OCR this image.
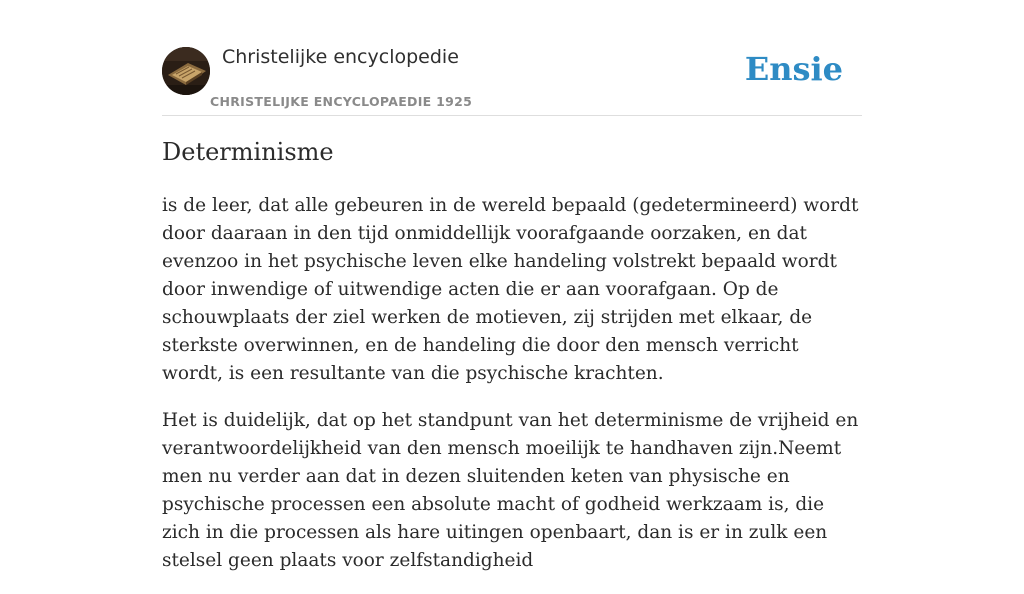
Christelijke encyclopedie
CHRISTELIJKE ENCYCLOPAEDIE 1925
Ensie
Determinisme

is de leer, dat alle gebeuren in de wereld bepaald (gedetermineerd) wordt door daaraan in den tijd onmiddellijk voorafgaande oorzaken, en dat evenzoo in het psychische leven elke handeling volstrekt bepaald wordt door inwendige of uitwendige acten die er aan voorafgaan. Op de schouwplaats der ziel werken de motieven, zij strijden met elkaar, de sterkste overwinnen, en de handeling die door den mensch verricht wordt, is een resultante van die psychische krachten.

Het is duidelijk, dat op het standpunt van het determinisme de vrijheid en verantwoordelijkheid van den mensch moeilijk te handhaven zijn.Neemt men nu verder aan dat in dezen sluitenden keten van physische en psychische processen een absolute macht of godheid werkzaam is, die zich in die processen als hare uitingen openbaart, dan is er in zulk een stelsel geen plaats voor zelfstandigheid
